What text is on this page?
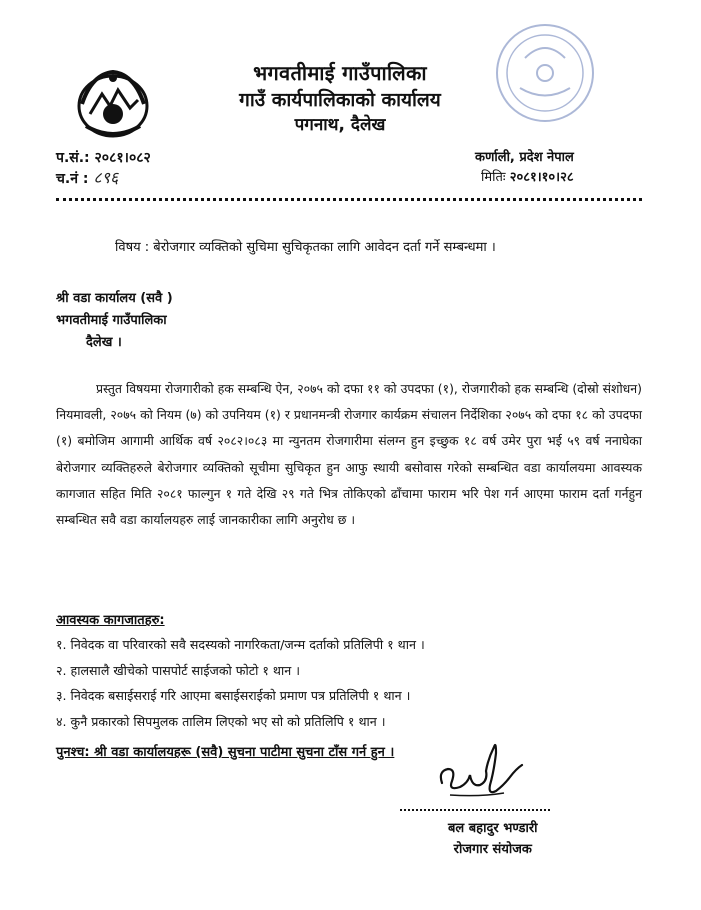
भगवतीमाई गाउँपालिका
गाउँ कार्यपालिकाको कार्यालय
पगनाथ, दैलेख
प.सं.: २०८१।०८२
च.नं : ८९६
कर्णाली, प्रदेश नेपाल
मितिः २०८१।१०।२८
विषय : बेरोजगार व्यक्तिको सुचिमा सुचिकृतका लागि आवेदन दर्ता गर्ने सम्बन्धमा ।
श्री वडा कार्यालय (सवै )
भगवतीमाई गाउँपालिका
दैलेख ।
प्रस्तुत विषयमा रोजगारीको हक सम्बन्धि ऐन, २०७५ को दफा ११ को उपदफा (१), रोजगारीको हक सम्बन्धि (दोस्रो संशोधन) नियमावली, २०७५ को नियम (७) को उपनियम (१) र प्रधानमन्त्री रोजगार कार्यक्रम संचालन निर्देशिका २०७५ को दफा १८ को उपदफा (१) बमोजिम आगामी आर्थिक वर्ष २०८२।०८३ मा न्युनतम रोजगारीमा संलग्न हुन इच्छुक १८ वर्ष उमेर पुरा भई ५९ वर्ष ननाघेका बेरोजगार व्यक्तिहरुले बेरोजगार व्यक्तिको सूचीमा सुचिकृत हुन आफु स्थायी बसोवास गरेको सम्बन्धित वडा कार्यालयमा आवस्यक कागजात सहित मिति २०८१ फाल्गुन १ गते देखि २९ गते भित्र तोकिएको ढाँचामा फाराम भरि पेश गर्न आएमा फाराम दर्ता गर्नहुन सम्बन्धित सवै वडा कार्यालयहरु लाई जानकारीका लागि अनुरोध छ ।
आवस्यक कागजातहरु:
१. निवेदक वा परिवारको सवै सदस्यको नागरिकता/जन्म दर्ताको प्रतिलिपी १ थान ।
२. हालसालै खीचेको पासपोर्ट साईजको फोटो १ थान ।
३. निवेदक बसाईसराई गरि आएमा बसाईसराईको प्रमाण पत्र प्रतिलिपी १ थान ।
४. कुनै प्रकारको सिपमुलक तालिम लिएको भए सो को प्रतिलिपि १ थान ।
पुनश्च: श्री वडा कार्यालयहरू (सवै) सुचना पाटीमा सुचना टाँस गर्न हुन ।
बल बहादुर भण्डारी
रोजगार संयोजक
